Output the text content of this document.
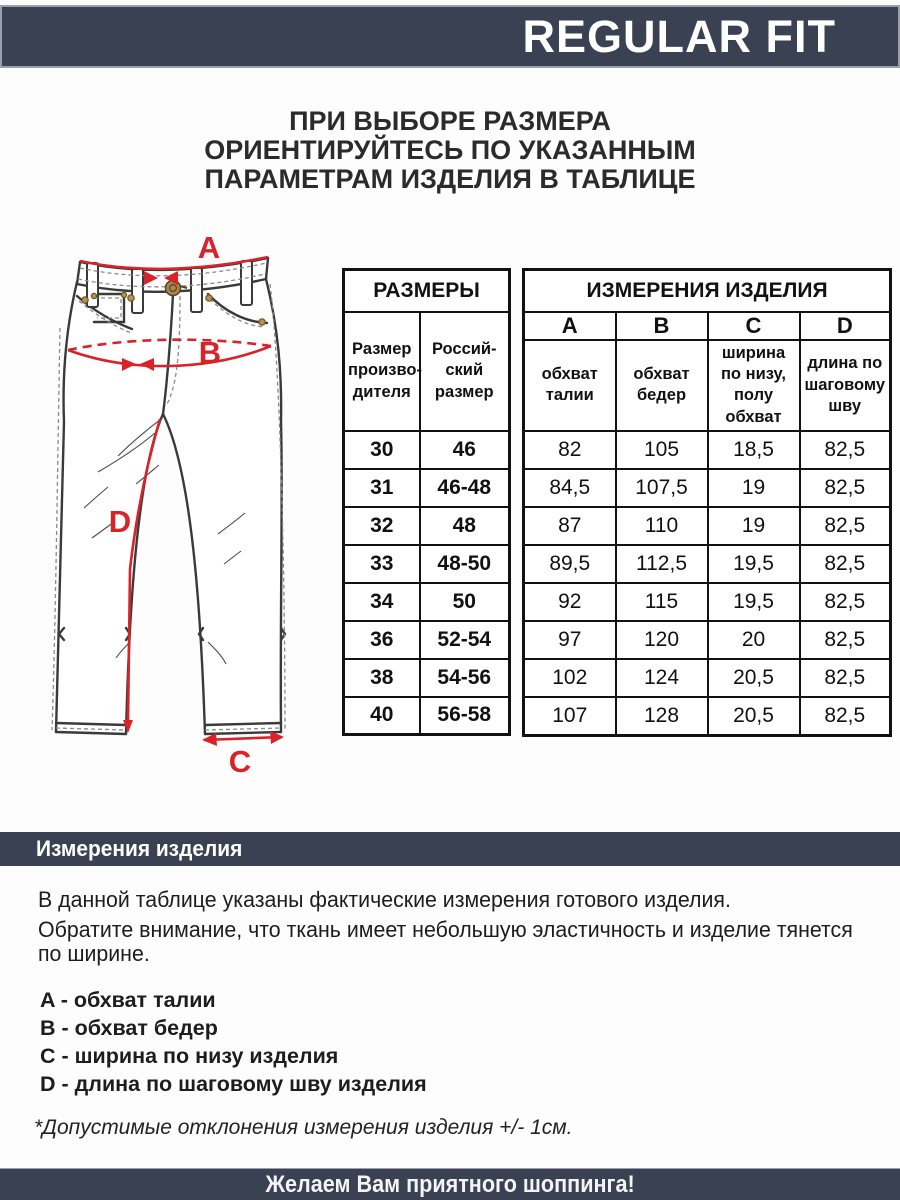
REGULAR FIT
ПРИ ВЫБОРЕ РАЗМЕРА
ОРИЕНТИРУЙТЕСЬ ПО УКАЗАННЫМ
ПАРАМЕТРАМ ИЗДЕЛИЯ В ТАБЛИЦЕ
A
B
C
D
РАЗМЕРЫ	
Размер произво-дителя	Россий-ский размер
30	46
31	46-48
32	48
33	48-50
34	50
36	52-54
38	54-56
40	56-58
ИЗМЕРЕНИЯ ИЗДЕЛИЯ			
A	B	C	D
обхват талии	обхват бедер	ширина по низу, полу обхват	длина по шаговому шву
82	105	18,5	82,5
84,5	107,5	19	82,5
87	110	19	82,5
89,5	112,5	19,5	82,5
92	115	19,5	82,5
97	120	20	82,5
102	124	20,5	82,5
107	128	20,5	82,5
Измерения изделия

В данной таблице указаны фактические измерения готового изделия.

Обратите внимание, что ткань имеет небольшую эластичность и изделие тянется по ширине.

A - обхват талии
B - обхват бедер
C - ширина по низу изделия
D - длина по шаговому шву изделия
*Допустимые отклонения измерения изделия +/- 1см.
Желаем Вам приятного шоппинга!
